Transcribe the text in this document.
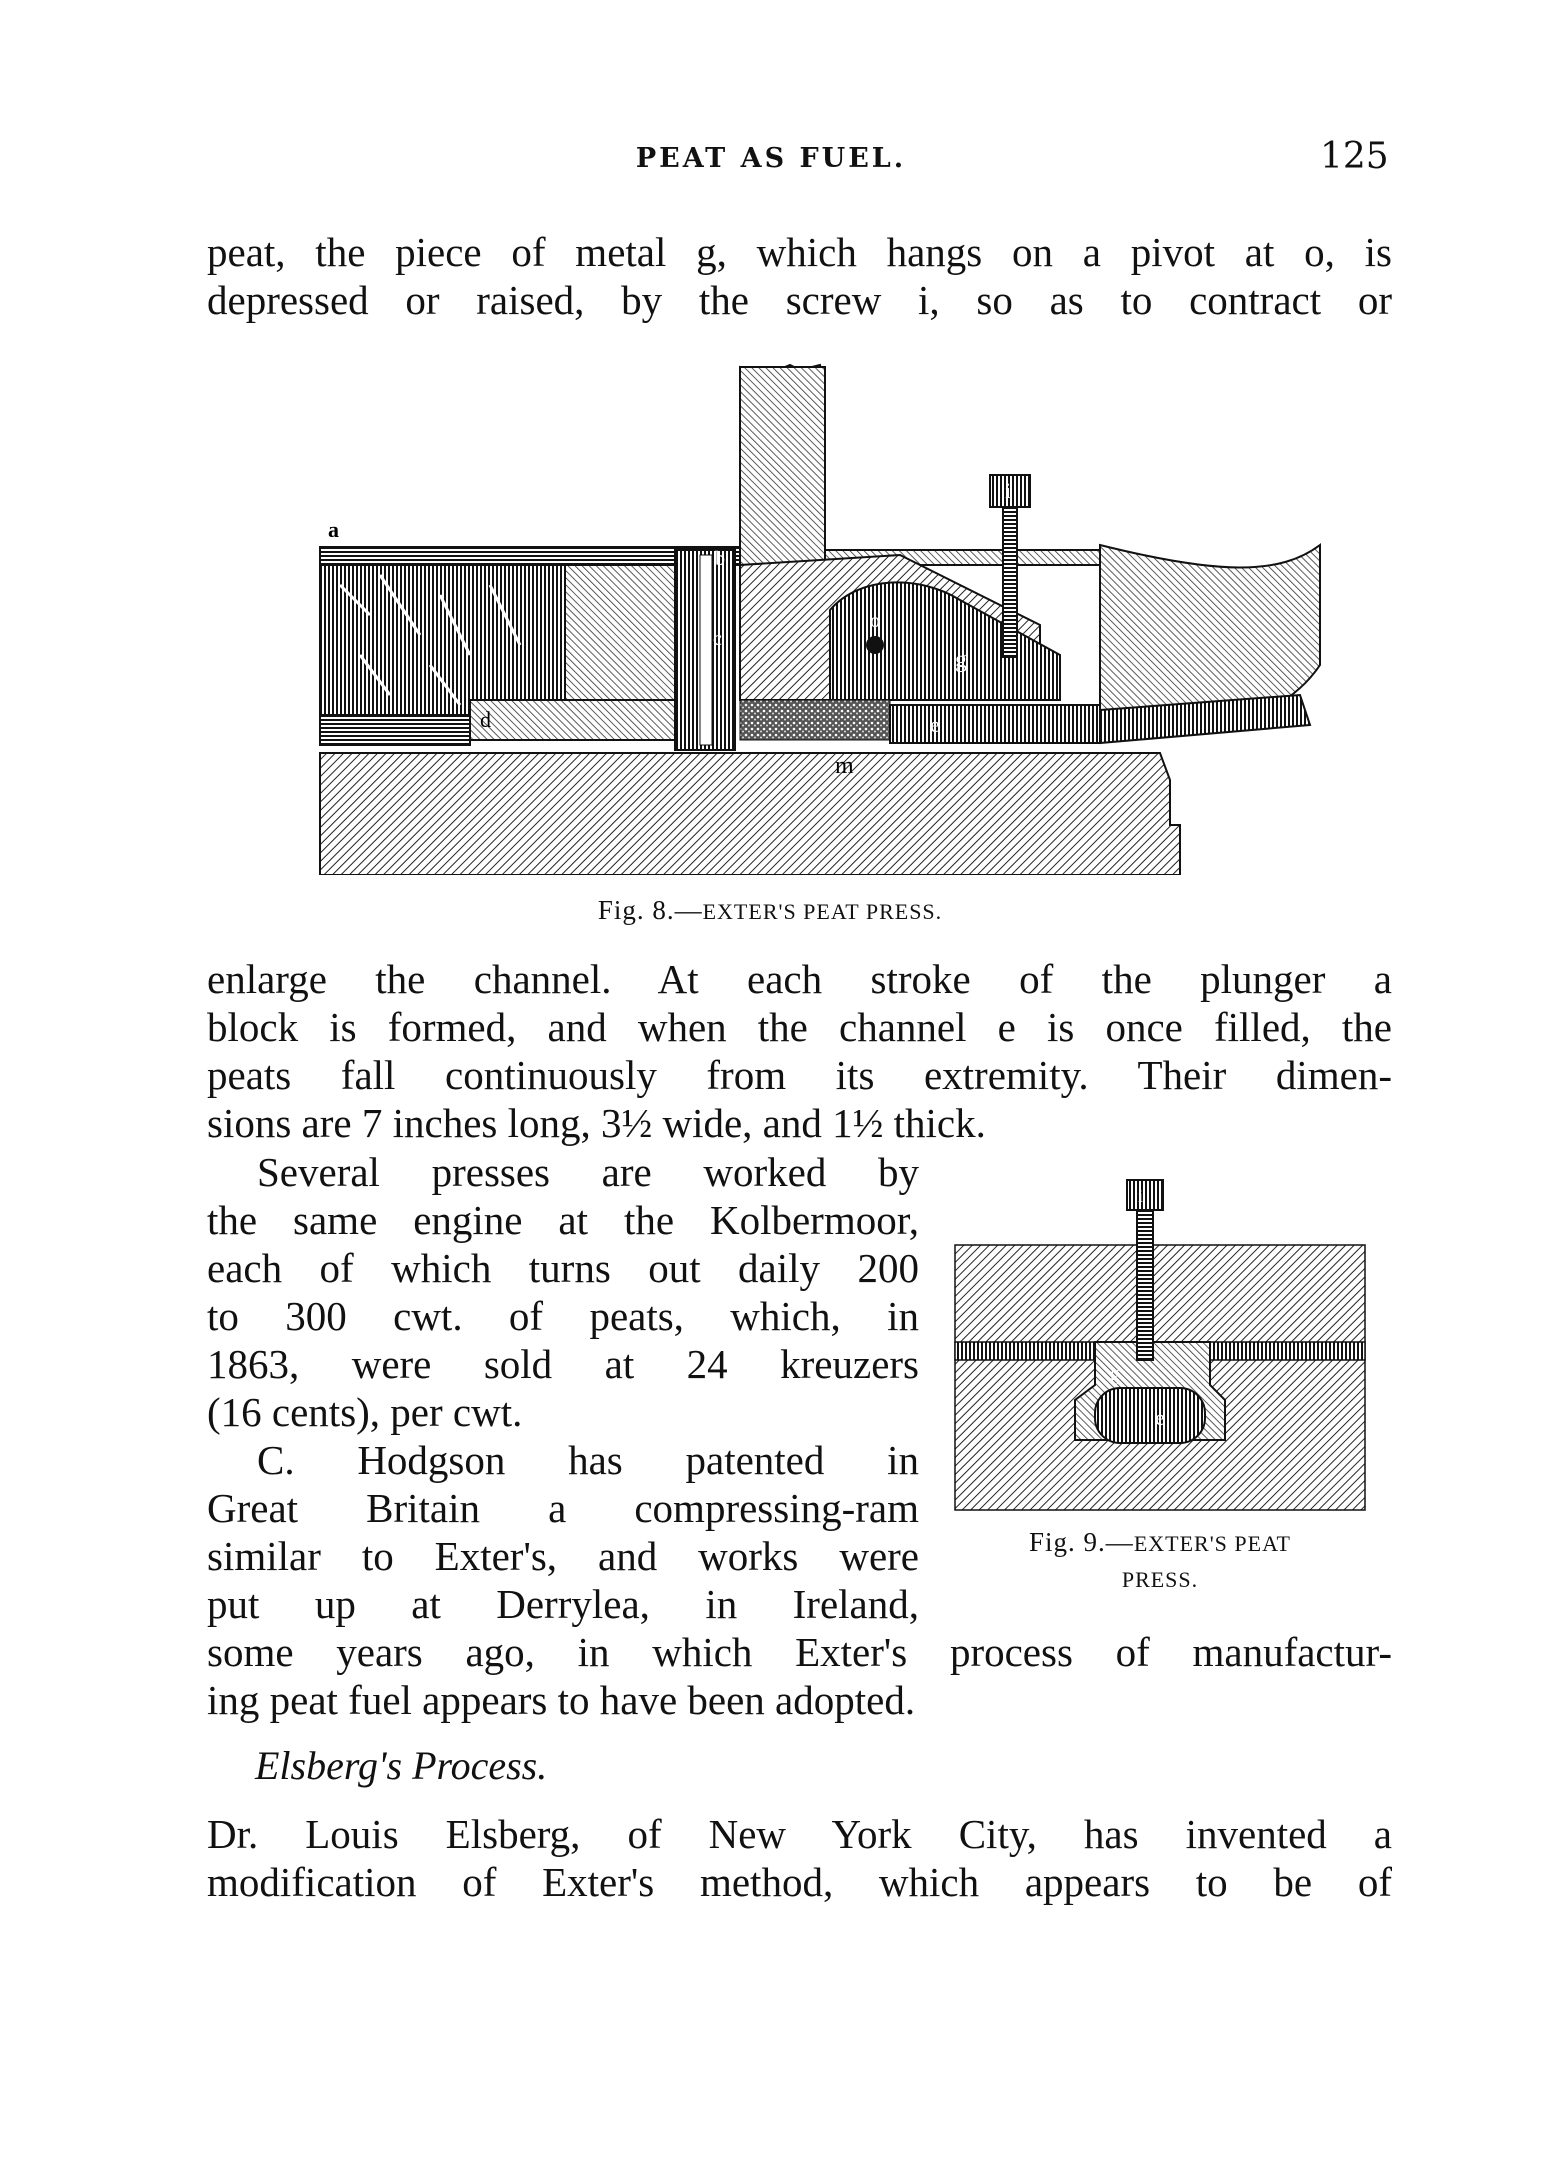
PEAT AS FUEL.	125
peat, the piece of metal g, which hangs on a pivot at o, is
depressed or raised, by the screw i, so as to contract or
a
b
c
d	e
g
i
o
m
Fig. 8.—EXTER'S PEAT PRESS.
enlarge the channel. At each stroke of the plunger a
block is formed, and when the channel e is once filled, the
peats fall continuously from its extremity. Their dimen-
sions are 7 inches long, 3½ wide, and 1½ thick.
Several presses are worked by
the same engine at the Kolbermoor,
each of which turns out daily 200
to 300 cwt. of peats, which, in
1863, were sold at 24 kreuzers
(16 cents), per cwt.
C. Hodgson has patented in
Great Britain a compressing-ram
similar to Exter's, and works were
put up at Derrylea, in Ireland,
i
g
e
Fig. 9.—EXTER'S PEAT
PRESS.
some years ago, in which Exter's process of manufactur-
ing peat fuel appears to have been adopted.
Elsberg's Process.
Dr. Louis Elsberg, of New York City, has invented a
modification of Exter's method, which appears to be of
